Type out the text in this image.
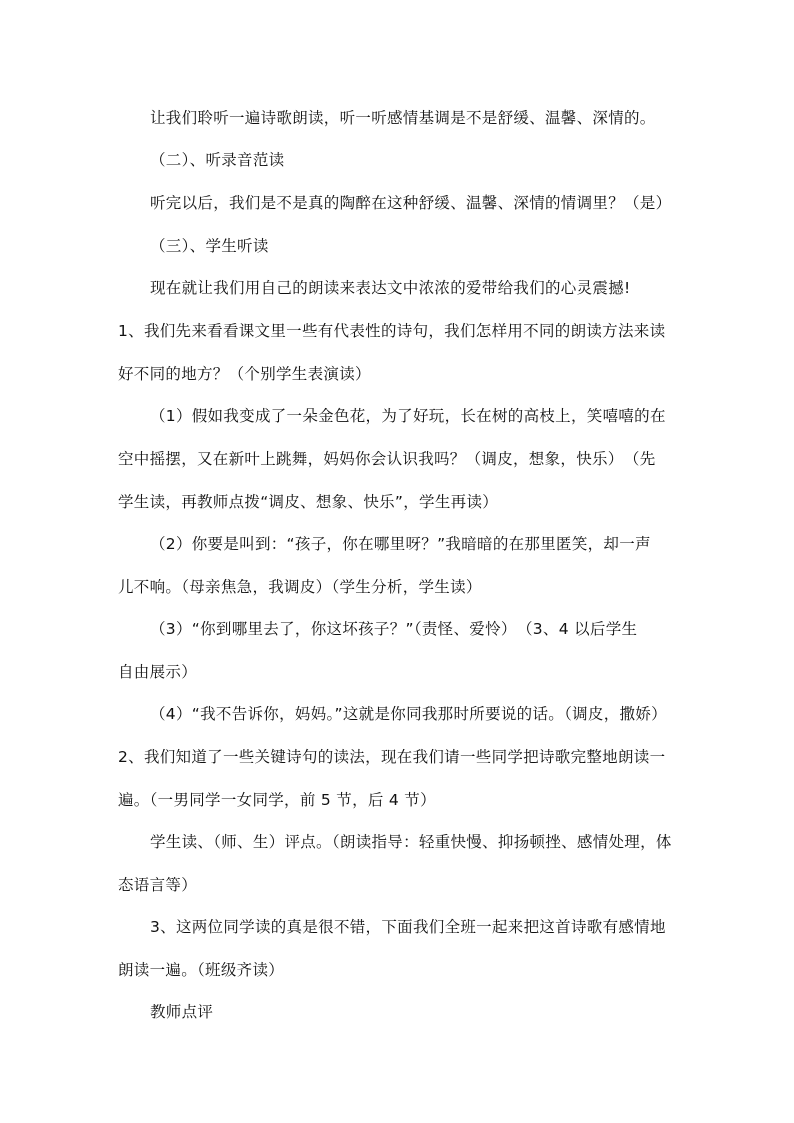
让我们聆听一遍诗歌朗读，听一听感情基调是不是舒缓、温馨、深情的。
（二）、听录音范读
听完以后，我们是不是真的陶醉在这种舒缓、温馨、深情的情调里？（是）
（三）、学生听读
现在就让我们用自己的朗读来表达文中浓浓的爱带给我们的心灵震撼!
1、我们先来看看课文里一些有代表性的诗句，我们怎样用不同的朗读方法来读
好不同的地方？（个别学生表演读）
（1）假如我变成了一朵金色花，为了好玩，长在树的高枝上，笑嘻嘻的在
空中摇摆，又在新叶上跳舞，妈妈你会认识我吗？（调皮，想象，快乐）　（先
学生读，再教师点拨“调皮、想象、快乐”，学生再读）
（2）你要是叫到：“孩子，你在哪里呀？”我暗暗的在那里匿笑，却一声
儿不响。（母亲焦急，我调皮）（学生分析，学生读）
（3）“你到哪里去了，你这坏孩子？”（责怪、爱怜）　（3、4 以后学生
自由展示）
（4）“我不告诉你，妈妈。”这就是你同我那时所要说的话。（调皮，撒娇）
2、我们知道了一些关键诗句的读法，现在我们请一些同学把诗歌完整地朗读一
遍。（一男同学一女同学，前 5 节，后 4 节）
学生读、（师、生）评点。（朗读指导：轻重快慢、抑扬顿挫、感情处理，体
态语言等）
3、这两位同学读的真是很不错，下面我们全班一起来把这首诗歌有感情地
朗读一遍。（班级齐读）
教师点评
